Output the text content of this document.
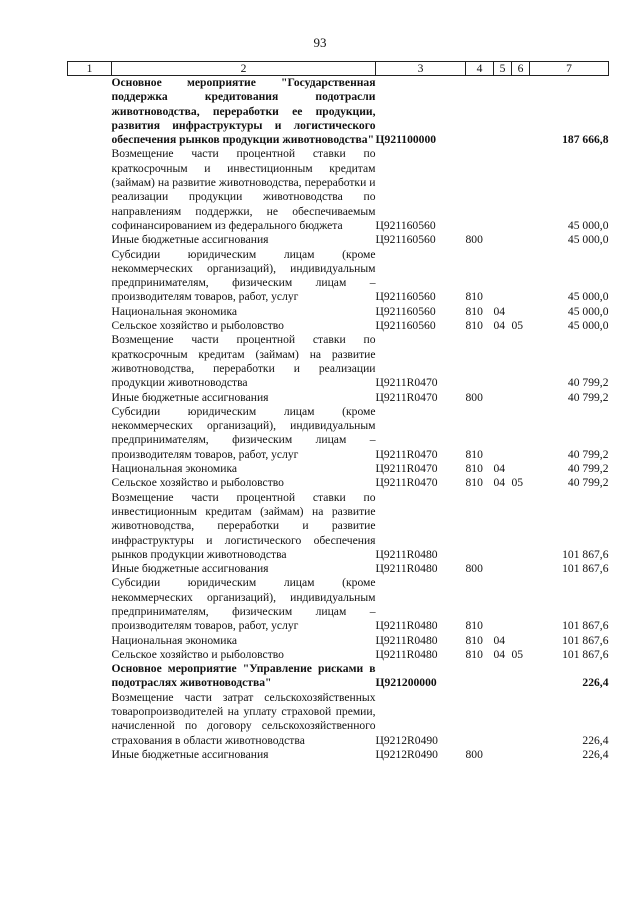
93
1	2	3	4	5	6	7
	Основное мероприятие "Государственная поддержка кредитования подотрасли животноводства, переработки ее продукции, развития инфраструктуры и логистического обеспечения рынков продукции животноводства"	Ц921100000				187 666,8
	Возмещение части процентной ставки по краткосрочным и инвестиционным кредитам (займам) на развитие животноводства, переработки и реализации продукции животноводства по направлениям поддержки, не обеспечиваемым софинансированием из федерального бюджета	Ц921160560				45 000,0
	Иные бюджетные ассигнования	Ц921160560	800			45 000,0
	Субсидии юридическим лицам (кроме некоммерческих организаций), индивидуальным предпринимателям, физическим лицам – производителям товаров, работ, услуг	Ц921160560	810			45 000,0
	Национальная экономика	Ц921160560	810	04		45 000,0
	Сельское хозяйство и рыболовство	Ц921160560	810	04	05	45 000,0
	Возмещение части процентной ставки по краткосрочным кредитам (займам) на развитие животноводства, переработки и реализации продукции животноводства	Ц9211R0470				40 799,2
	Иные бюджетные ассигнования	Ц9211R0470	800			40 799,2
	Субсидии юридическим лицам (кроме некоммерческих организаций), индивидуальным предпринимателям, физическим лицам – производителям товаров, работ, услуг	Ц9211R0470	810			40 799,2
	Национальная экономика	Ц9211R0470	810	04		40 799,2
	Сельское хозяйство и рыболовство	Ц9211R0470	810	04	05	40 799,2
	Возмещение части процентной ставки по инвестиционным кредитам (займам) на развитие животноводства, переработки и развитие инфраструктуры и логистического обеспечения рынков продукции животноводства	Ц9211R0480				101 867,6
	Иные бюджетные ассигнования	Ц9211R0480	800			101 867,6
	Субсидии юридическим лицам (кроме некоммерческих организаций), индивидуальным предпринимателям, физическим лицам – производителям товаров, работ, услуг	Ц9211R0480	810			101 867,6
	Национальная экономика	Ц9211R0480	810	04		101 867,6
	Сельское хозяйство и рыболовство	Ц9211R0480	810	04	05	101 867,6
	Основное мероприятие "Управление рисками в подотраслях животноводства"	Ц921200000				226,4
	Возмещение части затрат сельскохозяйственных товаропроизводителей на уплату страховой премии, начисленной по договору сельскохозяйственного страхования в области животноводства	Ц9212R0490				226,4
	Иные бюджетные ассигнования	Ц9212R0490	800			226,4
